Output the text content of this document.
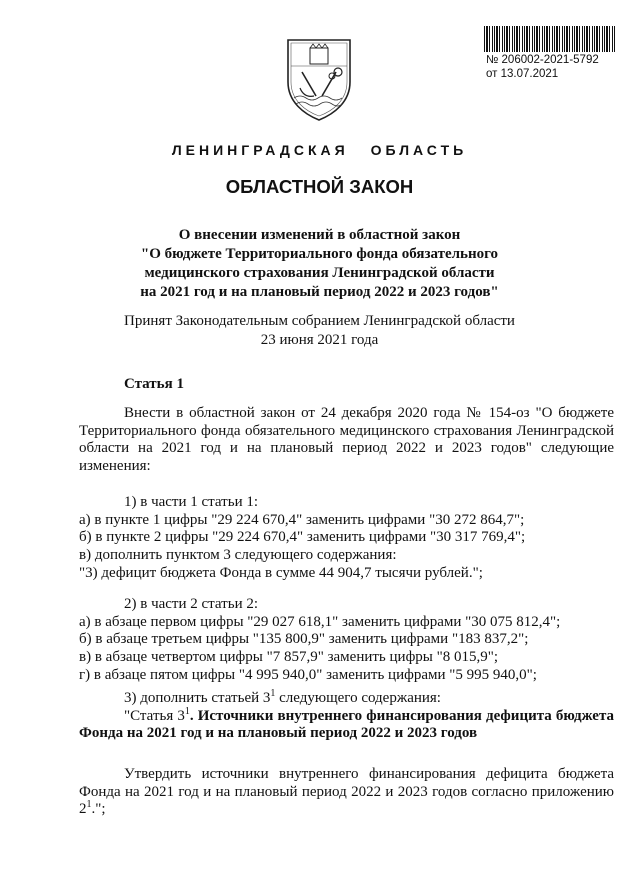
№ 206002-2021-5792
от 13.07.2021
ЛЕНИНГРАДСКАЯ ОБЛАСТЬ
ОБЛАСТНОЙ ЗАКОН
О внесении изменений в областной закон
"О бюджете Территориального фонда обязательного
медицинского страхования Ленинградской области
на 2021 год и на плановый период 2022 и 2023 годов"
Принят Законодательным собранием Ленинградской области
23 июня 2021 года
Статья 1

Внести в областной закон от 24 декабря 2020 года № 154-оз "О бюджете Территориального фонда обязательного медицинского страхования Ленинградской области на 2021 год и на плановый период 2022 и 2023 годов" следующие изменения:

1) в части 1 статьи 1:

а) в пункте 1 цифры "29 224 670,4" заменить цифрами "30 272 864,7";

б) в пункте 2 цифры "29 224 670,4" заменить цифрами "30 317 769,4";

в) дополнить пунктом 3 следующего содержания:

"3) дефицит бюджета Фонда в сумме 44 904,7 тысячи рублей.";

2) в части 2 статьи 2:

а) в абзаце первом цифры "29 027 618,1" заменить цифрами "30 075 812,4";

б) в абзаце третьем цифры "135 800,9" заменить цифрами "183 837,2";

в) в абзаце четвертом цифры "7 857,9" заменить цифры "8 015,9";

г) в абзаце пятом цифры "4 995 940,0" заменить цифрами "5 995 940,0";

3) дополнить статьей $3^1$ следующего содержания:

"Статья $3^1$. Источники внутреннего финансирования дефицита бюджета Фонда на 2021 год и на плановый период 2022 и 2023 годов

Утвердить источники внутреннего финансирования дефицита бюджета Фонда на 2021 год и на плановый период 2022 и 2023 годов согласно приложению $2^1$.";
